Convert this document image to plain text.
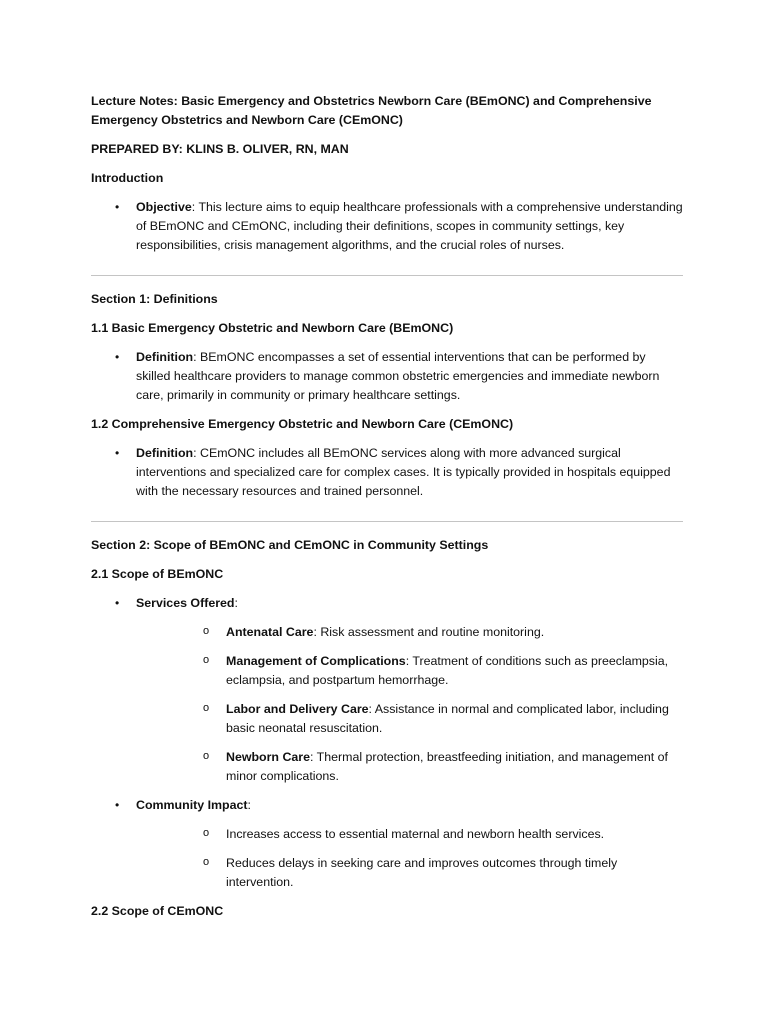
Lecture Notes: Basic Emergency and Obstetrics Newborn Care (BEmONC) and Comprehensive Emergency Obstetrics and Newborn Care (CEmONC)

PREPARED BY: KLINS B. OLIVER, RN, MAN

Introduction

• Objective: This lecture aims to equip healthcare professionals with a comprehensive understanding of BEmONC and CEmONC, including their definitions, scopes in community settings, key responsibilities, crisis management algorithms, and the crucial roles of nurses.

Section 1: Definitions

1.1 Basic Emergency Obstetric and Newborn Care (BEmONC)

• Definition: BEmONC encompasses a set of essential interventions that can be performed by skilled healthcare providers to manage common obstetric emergencies and immediate newborn care, primarily in community or primary healthcare settings.

1.2 Comprehensive Emergency Obstetric and Newborn Care (CEmONC)

• Definition: CEmONC includes all BEmONC services along with more advanced surgical interventions and specialized care for complex cases. It is typically provided in hospitals equipped with the necessary resources and trained personnel.

Section 2: Scope of BEmONC and CEmONC in Community Settings

2.1 Scope of BEmONC

• Services Offered:
o Antenatal Care: Risk assessment and routine monitoring.
o Management of Complications: Treatment of conditions such as preeclampsia, eclampsia, and postpartum hemorrhage.
o Labor and Delivery Care: Assistance in normal and complicated labor, including basic neonatal resuscitation.
o Newborn Care: Thermal protection, breastfeeding initiation, and management of minor complications.
• Community Impact:
o Increases access to essential maternal and newborn health services.
o Reduces delays in seeking care and improves outcomes through timely intervention.

2.2 Scope of CEmONC
